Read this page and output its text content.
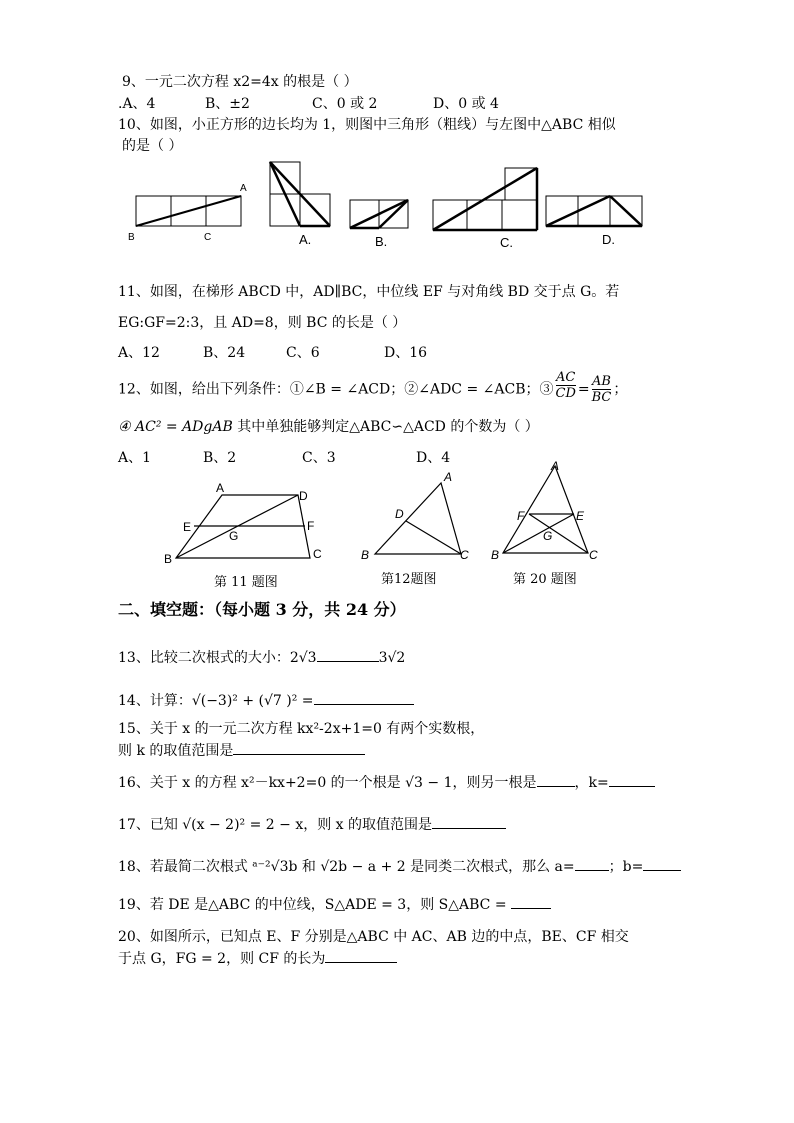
9、一元二次方程 x2=4x 的根是（ ）
.A、4	B、±2	C、0 或 2	D、0 或 4
10、如图，小正方形的边长均为 1，则图中三角形（粗线）与左图中△ABC 相似
的是（ ）
B	C
A
A.	B.	C.	D.
11、如图，在梯形 ABCD 中，AD∥BC，中位线 EF 与对角线 BD 交于点 G。若
EG:GF=2:3，且 AD=8，则 BC 的长是（ ）
A、12	B、24	C、6	D、16
12、如图，给出下列条件：①∠B = ∠ACD；②∠ADC = ∠ACB；③ $\frac{AC}{CD} = \frac{AB}{BC}$ ；
④ AC² = ADgAB 其中单独能够判定△ABC∽△ACD 的个数为（ ）
A、1	B、2	C、3	D、4
A
D
E	F
G
B	C
第 11 题图
A
D
B	C
第12题图
A
F	E
G
B	C
第 20 题图
二、填空题：（每小题 3 分，共 24 分）
13、比较二次根式的大小：2√3	3√2
14、计算：√(−3)² + (√7 )² =
15、关于 x 的一元二次方程 kx²-2x+1=0 有两个实数根，
则 k 的取值范围是
16、关于 x 的方程 x²－kx+2=0 的一个根是 √3 − 1，则另一根是	，k=
17、已知 √(x − 2)² = 2 − x，则 x 的取值范围是
18、若最简二次根式 ᵃ⁻²√3b 和 √2b − a + 2 是同类二次根式，那么 a= ；b=
19、若 DE 是△ABC 的中位线，S△ADE = 3，则 S△ABC =
20、如图所示，已知点 E、F 分别是△ABC 中 AC、AB 边的中点，BE、CF 相交
于点 G，FG = 2，则 CF 的长为
